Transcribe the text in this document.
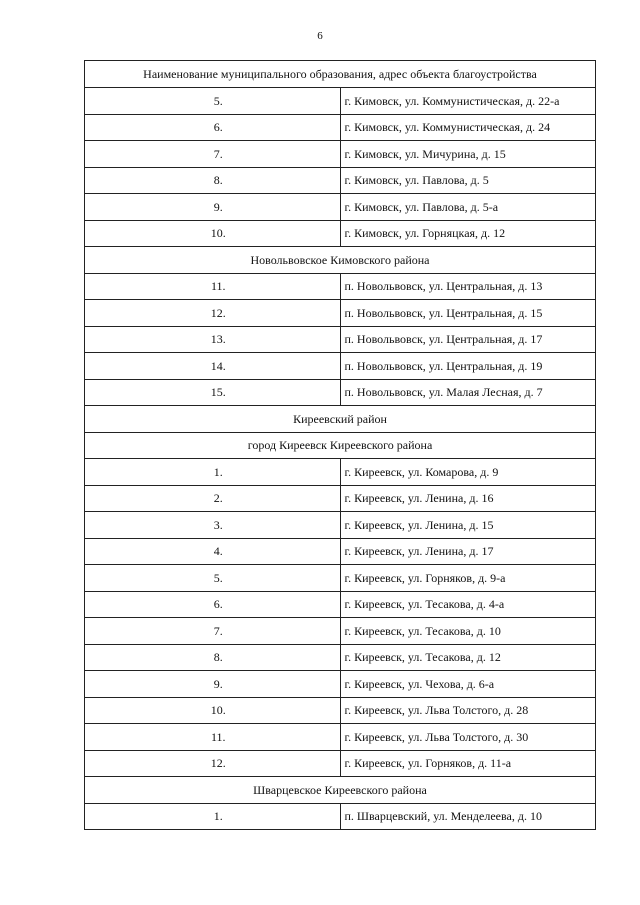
6
Наименование муниципального образования, адрес объекта благоустройства	
5.	г. Кимовск, ул. Коммунистическая, д. 22-а
6.	г. Кимовск, ул. Коммунистическая, д. 24
7.	г. Кимовск, ул. Мичурина, д. 15
8.	г. Кимовск, ул. Павлова, д. 5
9.	г. Кимовск, ул. Павлова, д. 5-а
10.	г. Кимовск, ул. Горняцкая, д. 12
Новольвовское Кимовского района	
11.	п. Новольвовск, ул. Центральная, д. 13
12.	п. Новольвовск, ул. Центральная, д. 15
13.	п. Новольвовск, ул. Центральная, д. 17
14.	п. Новольвовск, ул. Центральная, д. 19
15.	п. Новольвовск, ул. Малая Лесная, д. 7
Киреевский район	
город Киреевск Киреевского района	
1.	г. Киреевск, ул. Комарова, д. 9
2.	г. Киреевск, ул. Ленина, д. 16
3.	г. Киреевск, ул. Ленина, д. 15
4.	г. Киреевск, ул. Ленина, д. 17
5.	г. Киреевск, ул. Горняков, д. 9-а
6.	г. Киреевск, ул. Тесакова, д. 4-а
7.	г. Киреевск, ул. Тесакова, д. 10
8.	г. Киреевск, ул. Тесакова, д. 12
9.	г. Киреевск, ул. Чехова, д. 6-а
10.	г. Киреевск, ул. Льва Толстого, д. 28
11.	г. Киреевск, ул. Льва Толстого, д. 30
12.	г. Киреевск, ул. Горняков, д. 11-а
Шварцевское Киреевского района	
1.	п. Шварцевский, ул. Менделеева, д. 10
